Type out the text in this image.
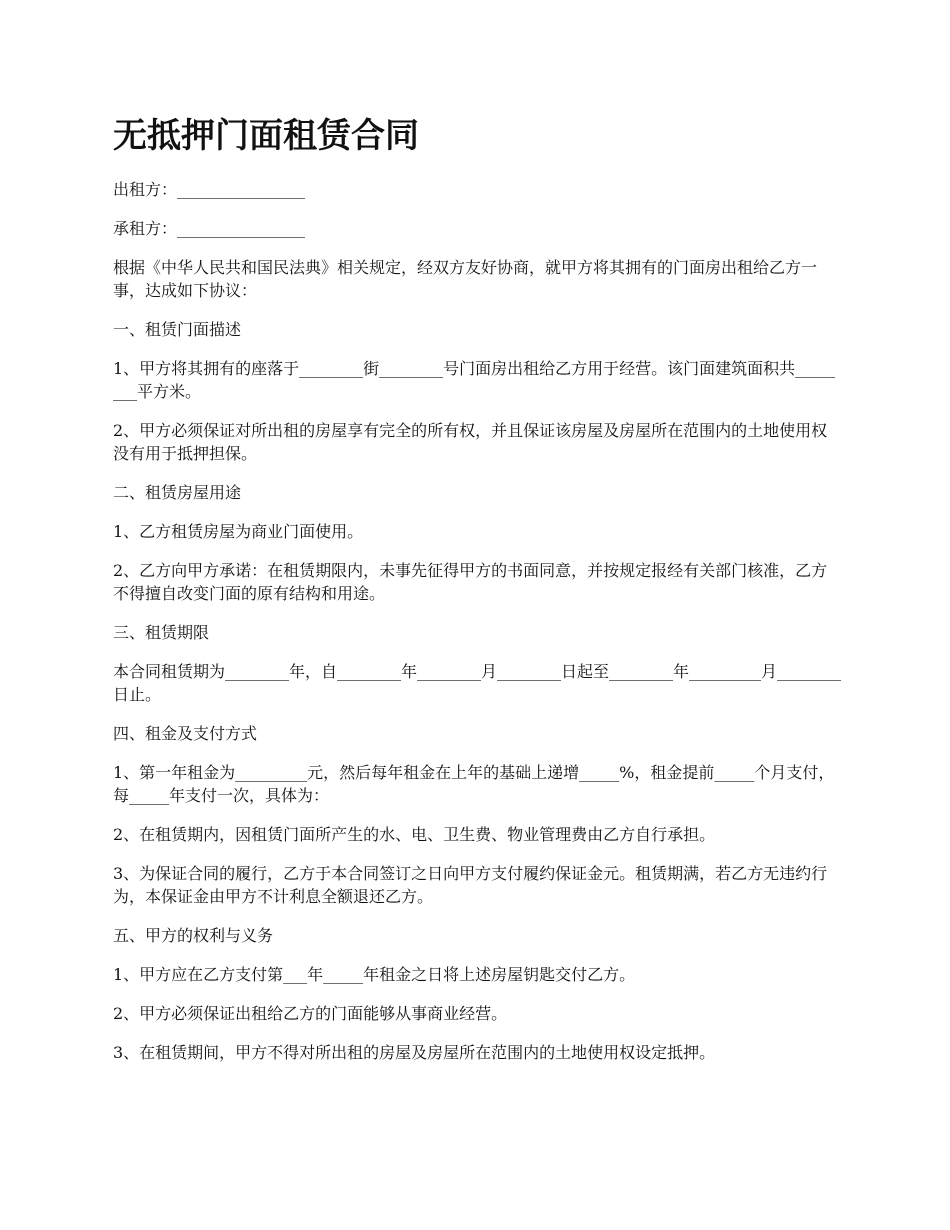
无抵押门面租赁合同

出租方：________________

承租方：________________

根据《中华人民共和国民法典》相关规定，经双方友好协商，就甲方将其拥有的门面房出租给乙方一事，达成如下协议：

一、租赁门面描述

1、甲方将其拥有的座落于________街________号门面房出租给乙方用于经营。该门面建筑面积共________平方米。

2、甲方必须保证对所出租的房屋享有完全的所有权，并且保证该房屋及房屋所在范围内的土地使用权没有用于抵押担保。

二、租赁房屋用途

1、乙方租赁房屋为商业门面使用。

2、乙方向甲方承诺：在租赁期限内，未事先征得甲方的书面同意，并按规定报经有关部门核准，乙方不得擅自改变门面的原有结构和用途。

三、租赁期限

本合同租赁期为________年，自________年________月________日起至________年_________月________日止。

四、租金及支付方式

1、第一年租金为_________元，然后每年租金在上年的基础上递增_____%，租金提前_____个月支付，每_____年支付一次，具体为：

2、在租赁期内，因租赁门面所产生的水、电、卫生费、物业管理费由乙方自行承担。

3、为保证合同的履行，乙方于本合同签订之日向甲方支付履约保证金元。租赁期满，若乙方无违约行为，本保证金由甲方不计利息全额退还乙方。

五、甲方的权利与义务

1、甲方应在乙方支付第___年_____年租金之日将上述房屋钥匙交付乙方。

2、甲方必须保证出租给乙方的门面能够从事商业经营。

3、在租赁期间，甲方不得对所出租的房屋及房屋所在范围内的土地使用权设定抵押。
